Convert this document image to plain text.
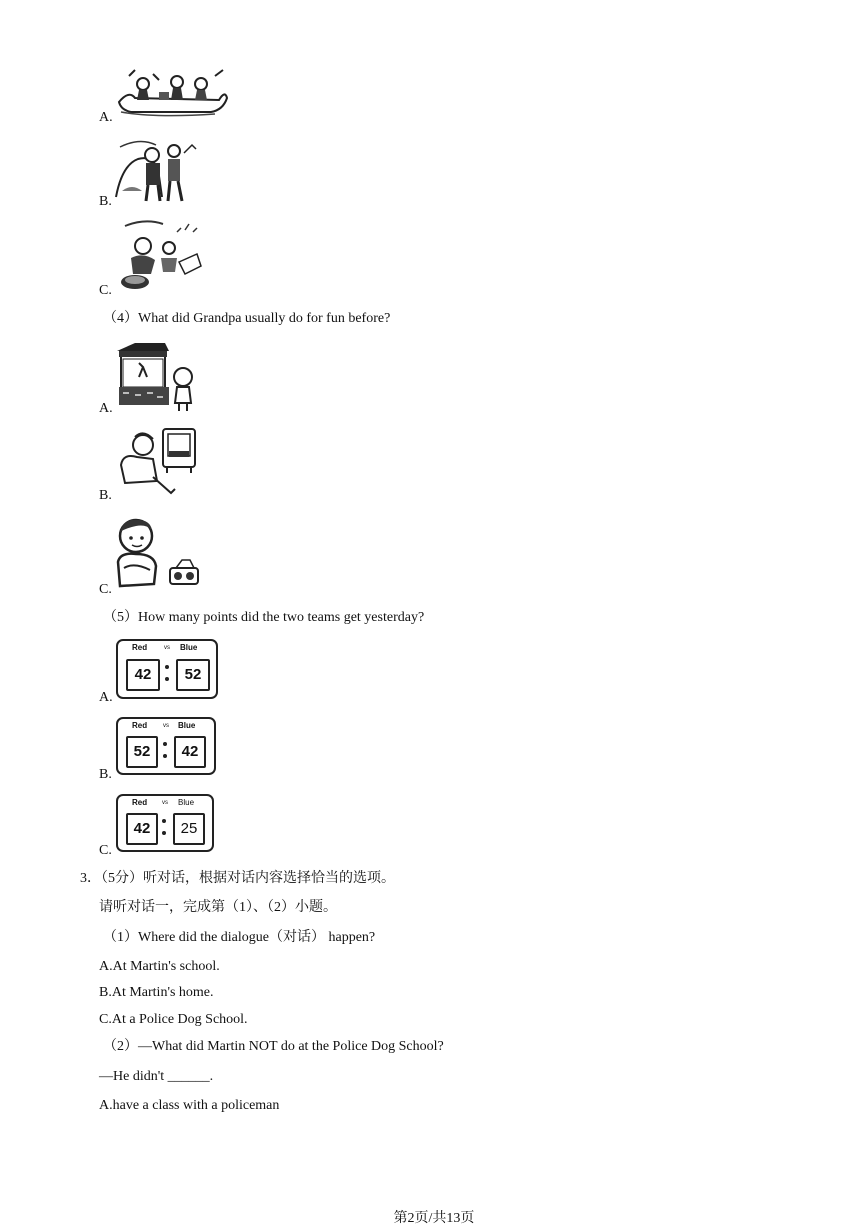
A.
B.
C.
（4）What did Grandpa usually do for fun before?
A.
B.
C.
（5）How many points did the two teams get yesterday?
A.
Red	vs Blue
42	52
B.
Red	vs Blue
52	42
C.
Red vs Blue
42	25
3．（5分）听对话，根据对话内容选择恰当的选项。
请听对话一，完成第（1）、（2）小题。
（1）Where did the dialogue（对话） happen?
A.At Martin's school.
B.At Martin's home.
C.At a Police Dog School.
（2）—What did Martin NOT do at the Police Dog School?
—He didn't ______.
A.have a class with a policeman
第2页/共13页
